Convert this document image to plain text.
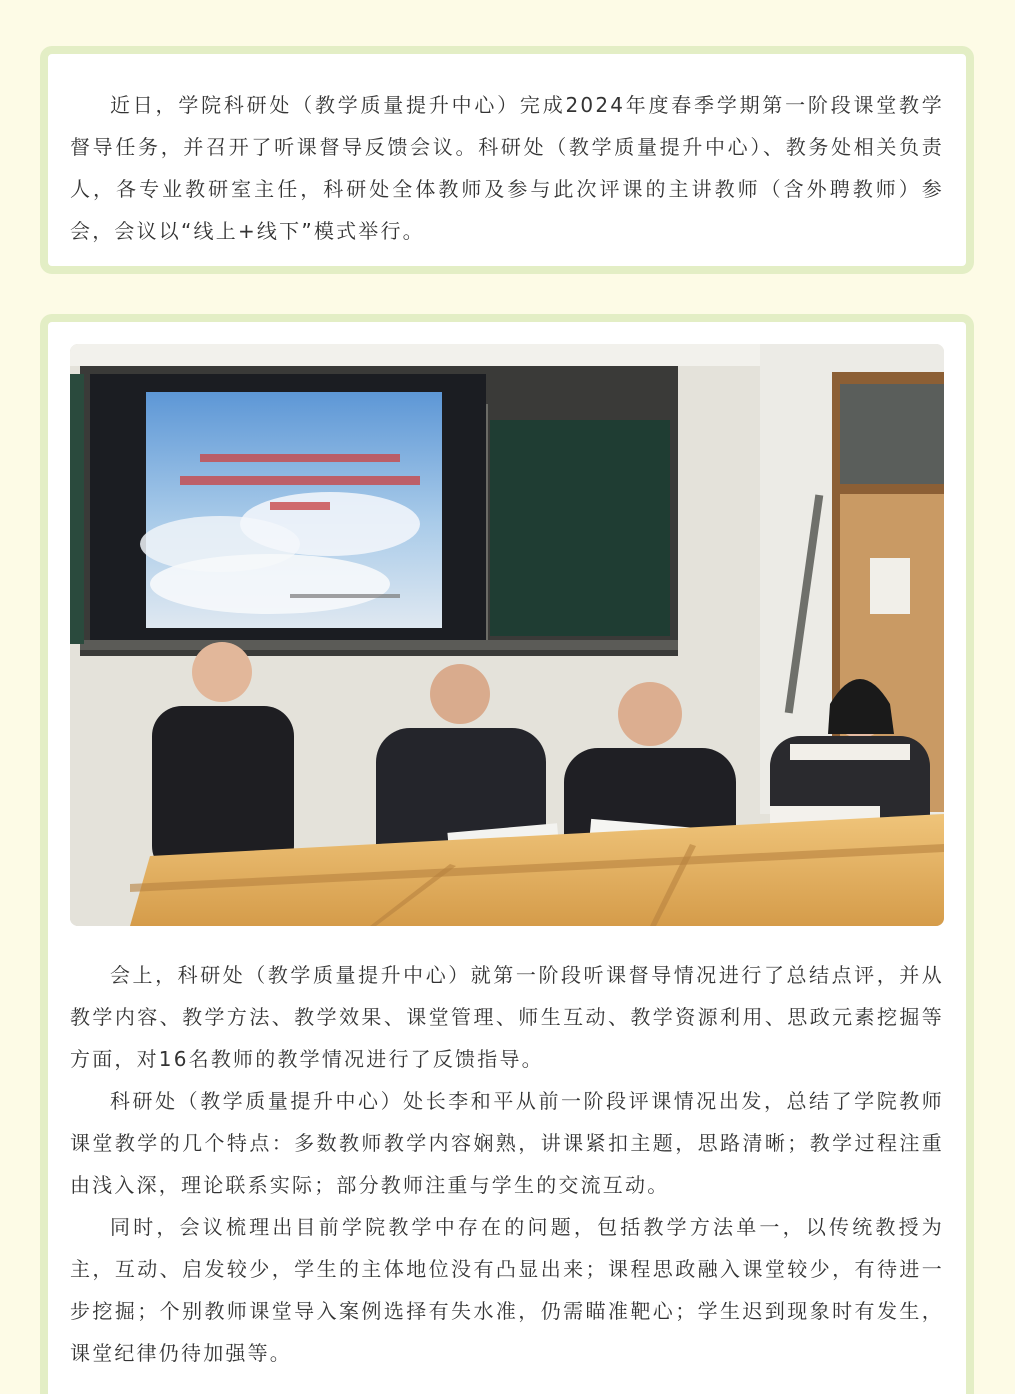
近日，学院科研处（教学质量提升中心）完成2024年度春季学期第一阶段课堂教学督导任务，并召开了听课督导反馈会议。科研处（教学质量提升中心）、教务处相关负责人，各专业教研室主任，科研处全体教师及参与此次评课的主讲教师（含外聘教师）参会，会议以“线上+线下”模式举行。

会上，科研处（教学质量提升中心）就第一阶段听课督导情况进行了总结点评，并从教学内容、教学方法、教学效果、课堂管理、师生互动、教学资源利用、思政元素挖掘等方面，对16名教师的教学情况进行了反馈指导。

科研处（教学质量提升中心）处长李和平从前一阶段评课情况出发，总结了学院教师课堂教学的几个特点：多数教师教学内容娴熟，讲课紧扣主题，思路清晰；教学过程注重由浅入深，理论联系实际；部分教师注重与学生的交流互动。

同时，会议梳理出目前学院教学中存在的问题，包括教学方法单一，以传统教授为主，互动、启发较少，学生的主体地位没有凸显出来；课程思政融入课堂较少，有待进一步挖掘；个别教师课堂导入案例选择有失水准，仍需瞄准靶心；学生迟到现象时有发生，课堂纪律仍待加强等。
